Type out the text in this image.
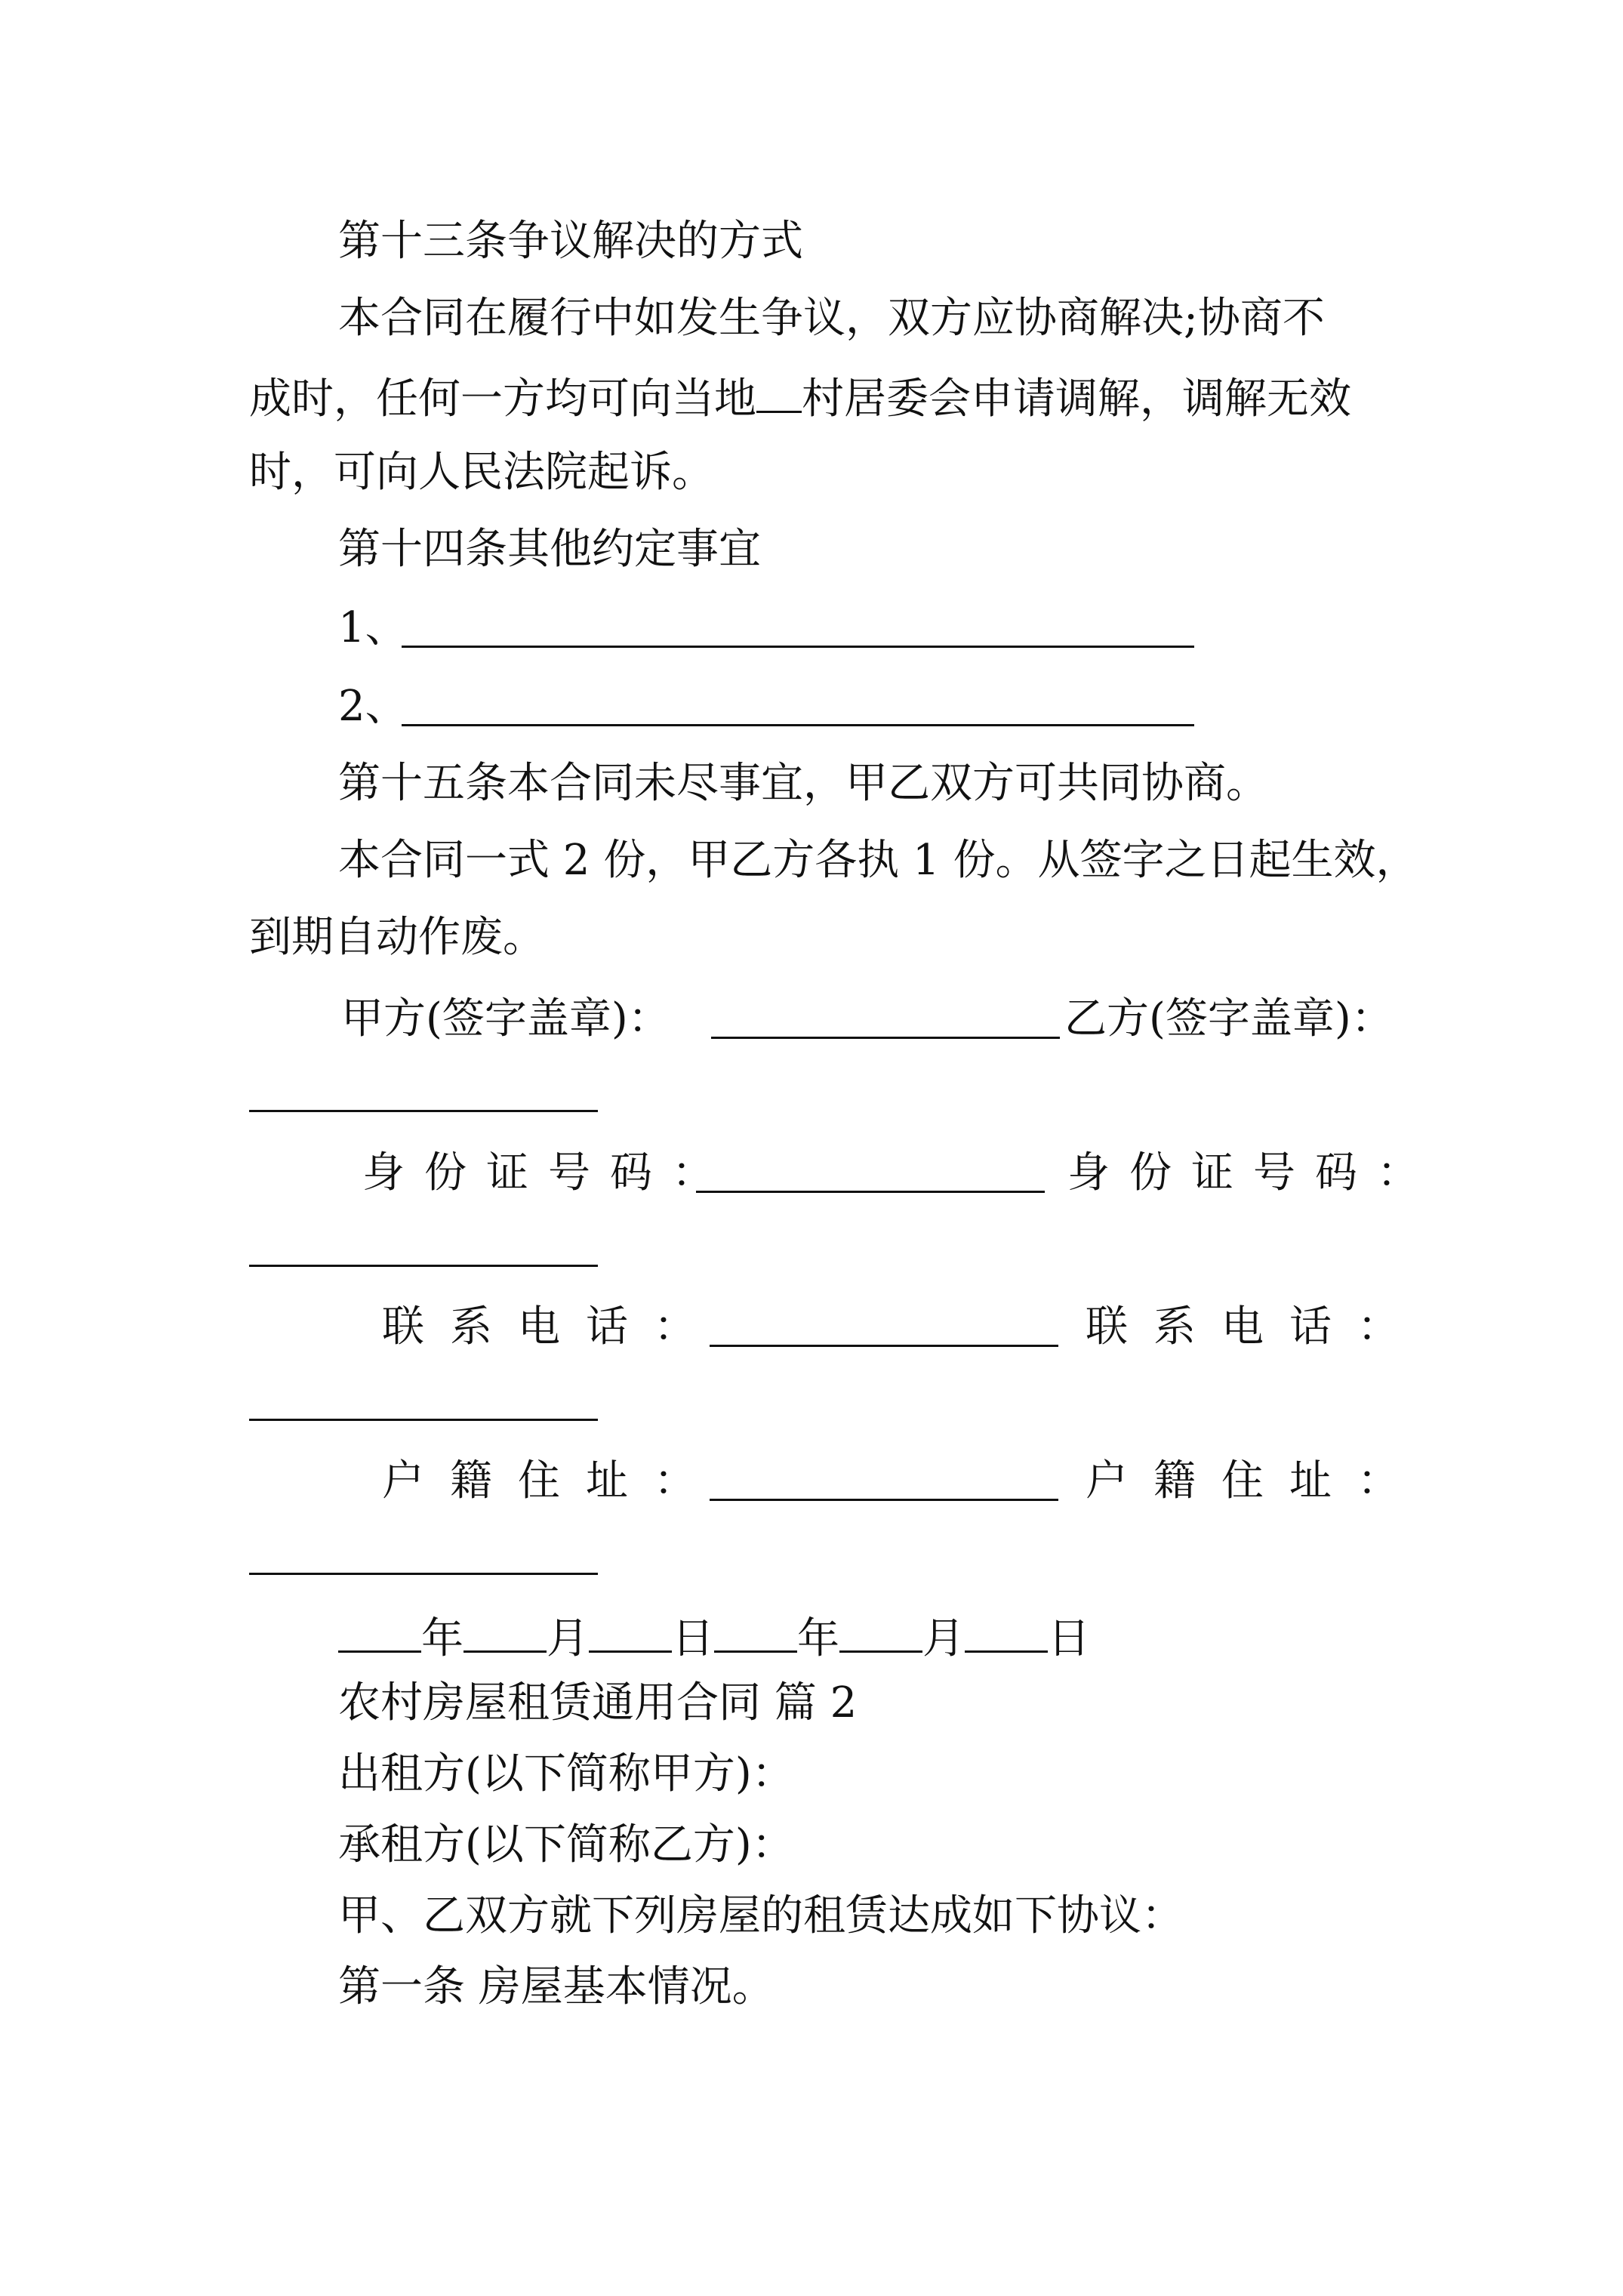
第十三条争议解决的方式
本合同在履行中如发生争议，双方应协商解决;协商不
成时，任何一方均可向当地 村居委会申请调解，调解无效
时，可向人民法院起诉。
第十四条其他约定事宜
1、
2、
第十五条本合同未尽事宜，甲乙双方可共同协商。
本合同一式 2 份，甲乙方各执 1 份。从签字之日起生效，
到期自动作废。
甲方(签字盖章)：	乙方(签字盖章)：
身份证号码：	身份证号码：
联系电话：	联系电话：
户籍住址：	户籍住址：
年 月 日 年 月 日
农村房屋租赁通用合同 篇 2
出租方(以下简称甲方)：
承租方(以下简称乙方)：
甲、乙双方就下列房屋的租赁达成如下协议：
第一条 房屋基本情况。
